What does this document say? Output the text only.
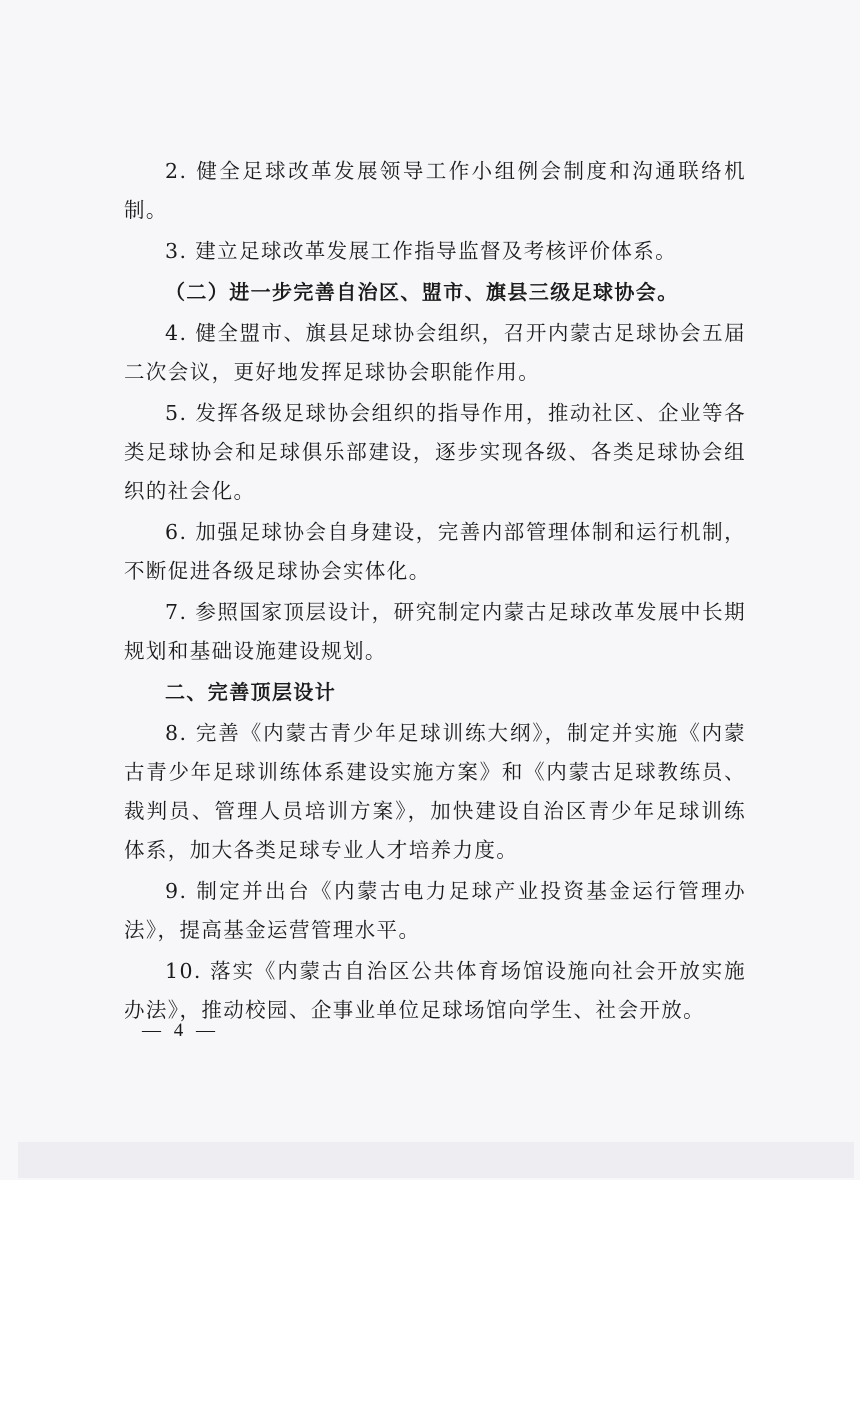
2. 健全足球改革发展领导工作小组例会制度和沟通联络机制。

3. 建立足球改革发展工作指导监督及考核评价体系。

（二）进一步完善自治区、盟市、旗县三级足球协会。

4. 健全盟市、旗县足球协会组织，召开内蒙古足球协会五届二次会议，更好地发挥足球协会职能作用。

5. 发挥各级足球协会组织的指导作用，推动社区、企业等各类足球协会和足球俱乐部建设，逐步实现各级、各类足球协会组织的社会化。

6. 加强足球协会自身建设，完善内部管理体制和运行机制，不断促进各级足球协会实体化。

7. 参照国家顶层设计，研究制定内蒙古足球改革发展中长期规划和基础设施建设规划。

二、完善顶层设计

8. 完善《内蒙古青少年足球训练大纲》，制定并实施《内蒙古青少年足球训练体系建设实施方案》和《内蒙古足球教练员、裁判员、管理人员培训方案》，加快建设自治区青少年足球训练体系，加大各类足球专业人才培养力度。

9. 制定并出台《内蒙古电力足球产业投资基金运行管理办法》，提高基金运营管理水平。

10. 落实《内蒙古自治区公共体育场馆设施向社会开放实施办法》，推动校园、企事业单位足球场馆向学生、社会开放。

— 4 —
